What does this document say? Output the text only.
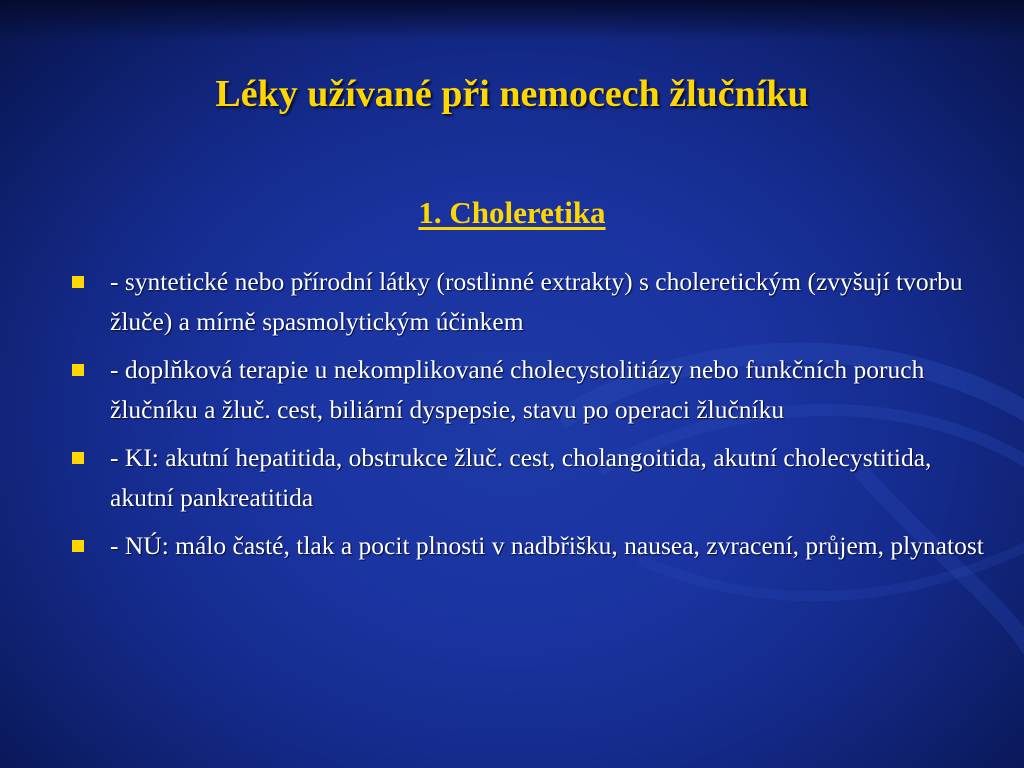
Léky užívané při nemocech žlučníku
1. Choleretika
- syntetické nebo přírodní látky (rostlinné extrakty) s choleretickým (zvyšují tvorbu žluče) a mírně spasmolytickým účinkem
- doplňková terapie u nekomplikované cholecystolitiázy nebo funkčních poruch žlučníku a žluč. cest, biliární dyspepsie, stavu po operaci žlučníku
- KI: akutní hepatitida, obstrukce žluč. cest, cholangoitida, akutní cholecystitida, akutní pankreatitida
- NÚ: málo časté, tlak a pocit plnosti v nadbřišku, nausea, zvracení, průjem, plynatost
